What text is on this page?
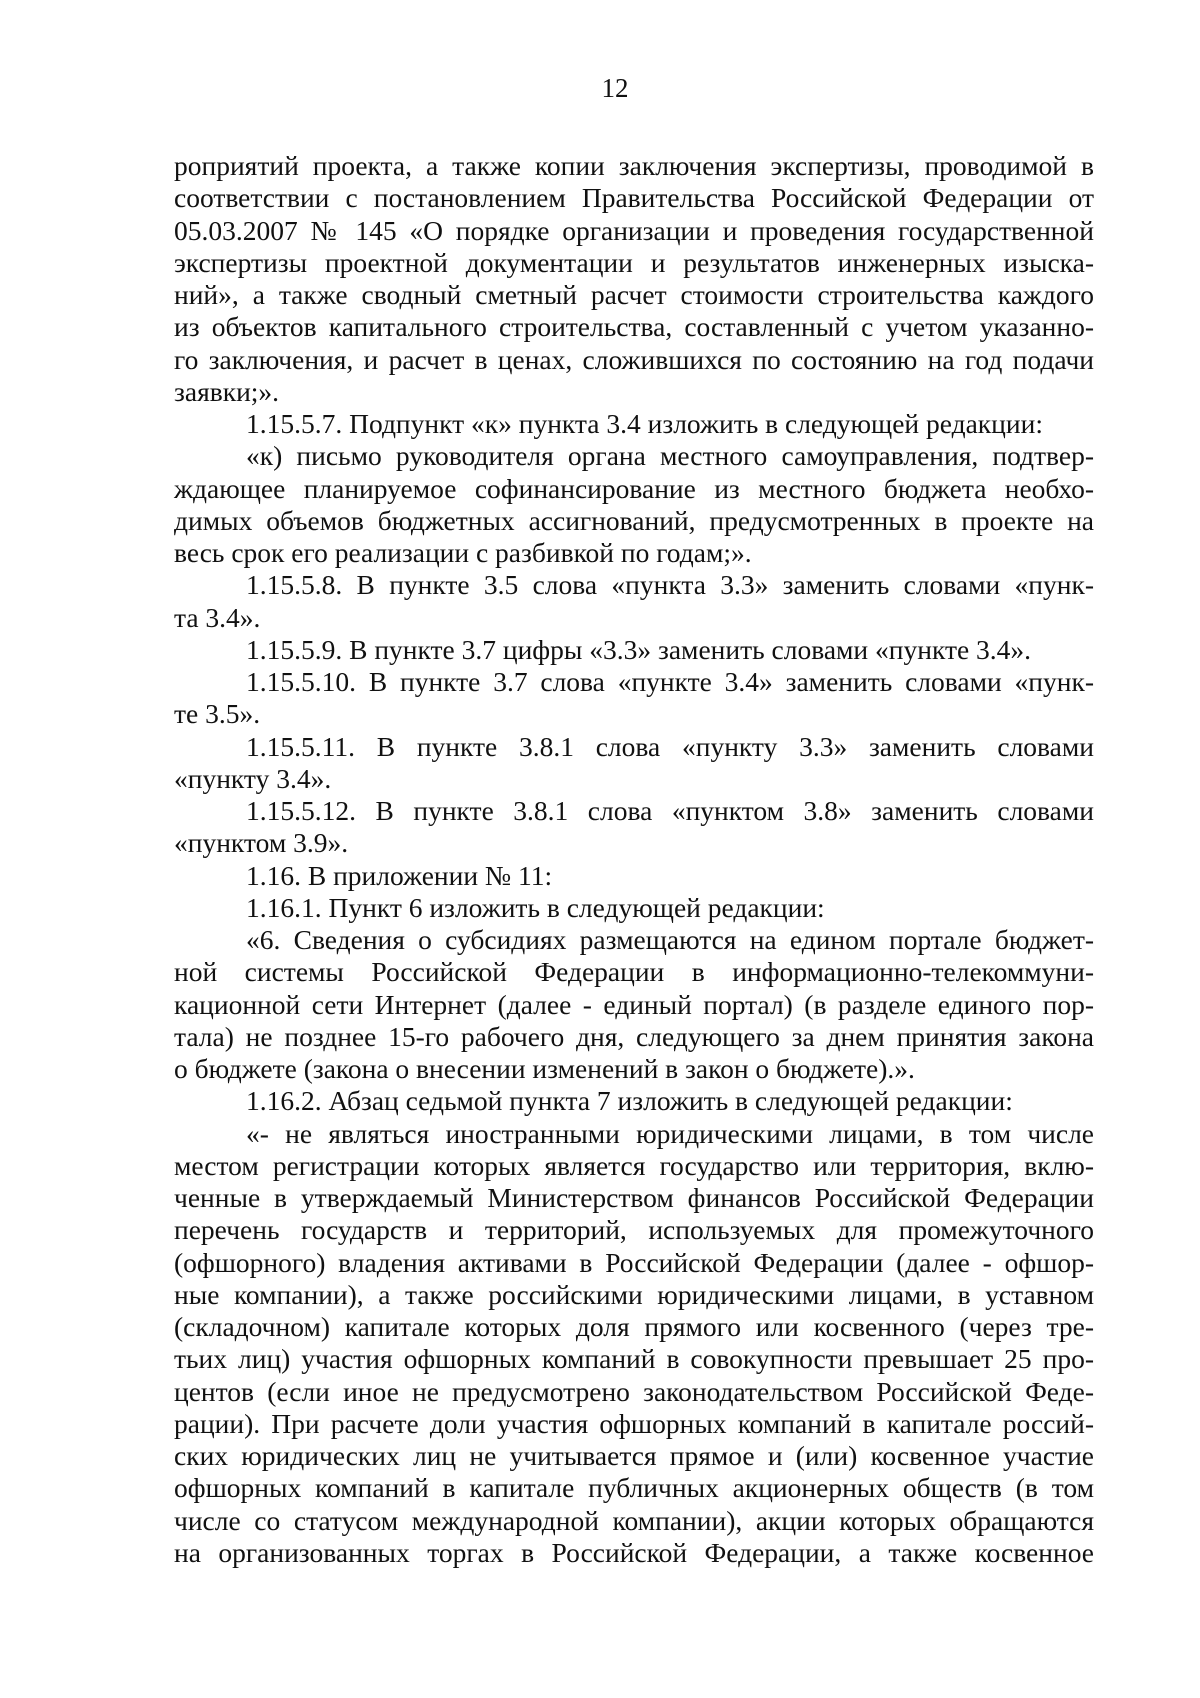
12
роприятий проекта, а также копии заключения экспертизы, проводимой в
соответствии с постановлением Правительства Российской Федерации от
05.03.2007 № 145 «О порядке организации и проведения государственной
экспертизы проектной документации и результатов инженерных изыска-
ний», а также сводный сметный расчет стоимости строительства каждого
из объектов капитального строительства, составленный с учетом указанно-
го заключения, и расчет в ценах, сложившихся по состоянию на год подачи
заявки;».
1.15.5.7. Подпункт «к» пункта 3.4 изложить в следующей редакции:
«к) письмо руководителя органа местного самоуправления, подтвер-
ждающее планируемое софинансирование из местного бюджета необхо-
димых объемов бюджетных ассигнований, предусмотренных в проекте на
весь срок его реализации с разбивкой по годам;».
1.15.5.8. В пункте 3.5 слова «пункта 3.3» заменить словами «пунк-
та 3.4».
1.15.5.9. В пункте 3.7 цифры «3.3» заменить словами «пункте 3.4».
1.15.5.10. В пункте 3.7 слова «пункте 3.4» заменить словами «пунк-
те 3.5».
1.15.5.11. В пункте 3.8.1 слова «пункту 3.3» заменить словами
«пункту 3.4».
1.15.5.12. В пункте 3.8.1 слова «пунктом 3.8» заменить словами
«пунктом 3.9».
1.16. В приложении № 11:
1.16.1. Пункт 6 изложить в следующей редакции:
«6. Сведения о субсидиях размещаются на едином портале бюджет-
ной системы Российской Федерации в информационно-телекоммуни-
кационной сети Интернет (далее - единый портал) (в разделе единого пор-
тала) не позднее 15-го рабочего дня, следующего за днем принятия закона
о бюджете (закона о внесении изменений в закон о бюджете).».
1.16.2. Абзац седьмой пункта 7 изложить в следующей редакции:
«- не являться иностранными юридическими лицами, в том числе
местом регистрации которых является государство или территория, вклю-
ченные в утверждаемый Министерством финансов Российской Федерации
перечень государств и территорий, используемых для промежуточного
(офшорного) владения активами в Российской Федерации (далее - офшор-
ные компании), а также российскими юридическими лицами, в уставном
(складочном) капитале которых доля прямого или косвенного (через тре-
тьих лиц) участия офшорных компаний в совокупности превышает 25 про-
центов (если иное не предусмотрено законодательством Российской Феде-
рации). При расчете доли участия офшорных компаний в капитале россий-
ских юридических лиц не учитывается прямое и (или) косвенное участие
офшорных компаний в капитале публичных акционерных обществ (в том
числе со статусом международной компании), акции которых обращаются
на организованных торгах в Российской Федерации, а также косвенное
